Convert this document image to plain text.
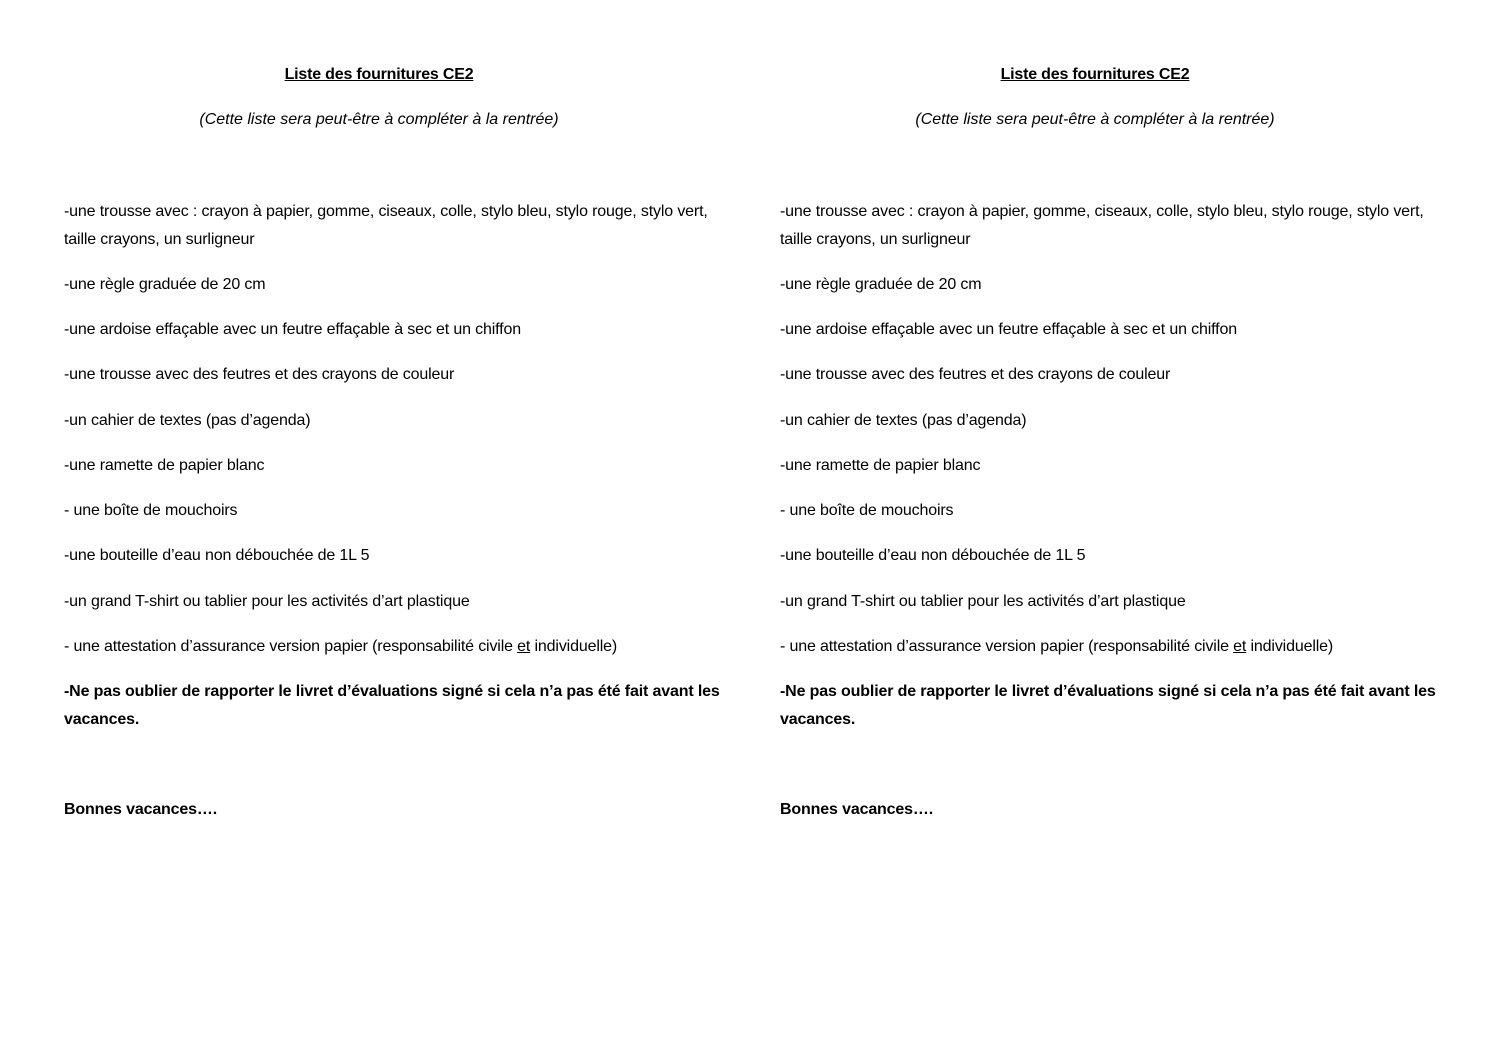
Liste des fournitures CE2

(Cette liste sera peut-être à compléter à la rentrée)

-une trousse avec : crayon à papier, gomme, ciseaux, colle, stylo bleu, stylo rouge, stylo vert, taille crayons, un surligneur

-une règle graduée de 20 cm

-une ardoise effaçable avec un feutre effaçable à sec et un chiffon

-une trousse avec des feutres et des crayons de couleur

-un cahier de textes (pas d’agenda)

-une ramette de papier blanc

- une boîte de mouchoirs

-une bouteille d’eau non débouchée de 1L 5

-un grand T-shirt ou tablier pour les activités d’art plastique

- une attestation d’assurance version papier (responsabilité civile et individuelle)

-Ne pas oublier de rapporter le livret d’évaluations signé si cela n’a pas été fait avant les vacances.

Bonnes vacances….

Liste des fournitures CE2

(Cette liste sera peut-être à compléter à la rentrée)

-une trousse avec : crayon à papier, gomme, ciseaux, colle, stylo bleu, stylo rouge, stylo vert, taille crayons, un surligneur

-une règle graduée de 20 cm

-une ardoise effaçable avec un feutre effaçable à sec et un chiffon

-une trousse avec des feutres et des crayons de couleur

-un cahier de textes (pas d’agenda)

-une ramette de papier blanc

- une boîte de mouchoirs

-une bouteille d’eau non débouchée de 1L 5

-un grand T-shirt ou tablier pour les activités d’art plastique

- une attestation d’assurance version papier (responsabilité civile et individuelle)

-Ne pas oublier de rapporter le livret d’évaluations signé si cela n’a pas été fait avant les vacances.

Bonnes vacances….
